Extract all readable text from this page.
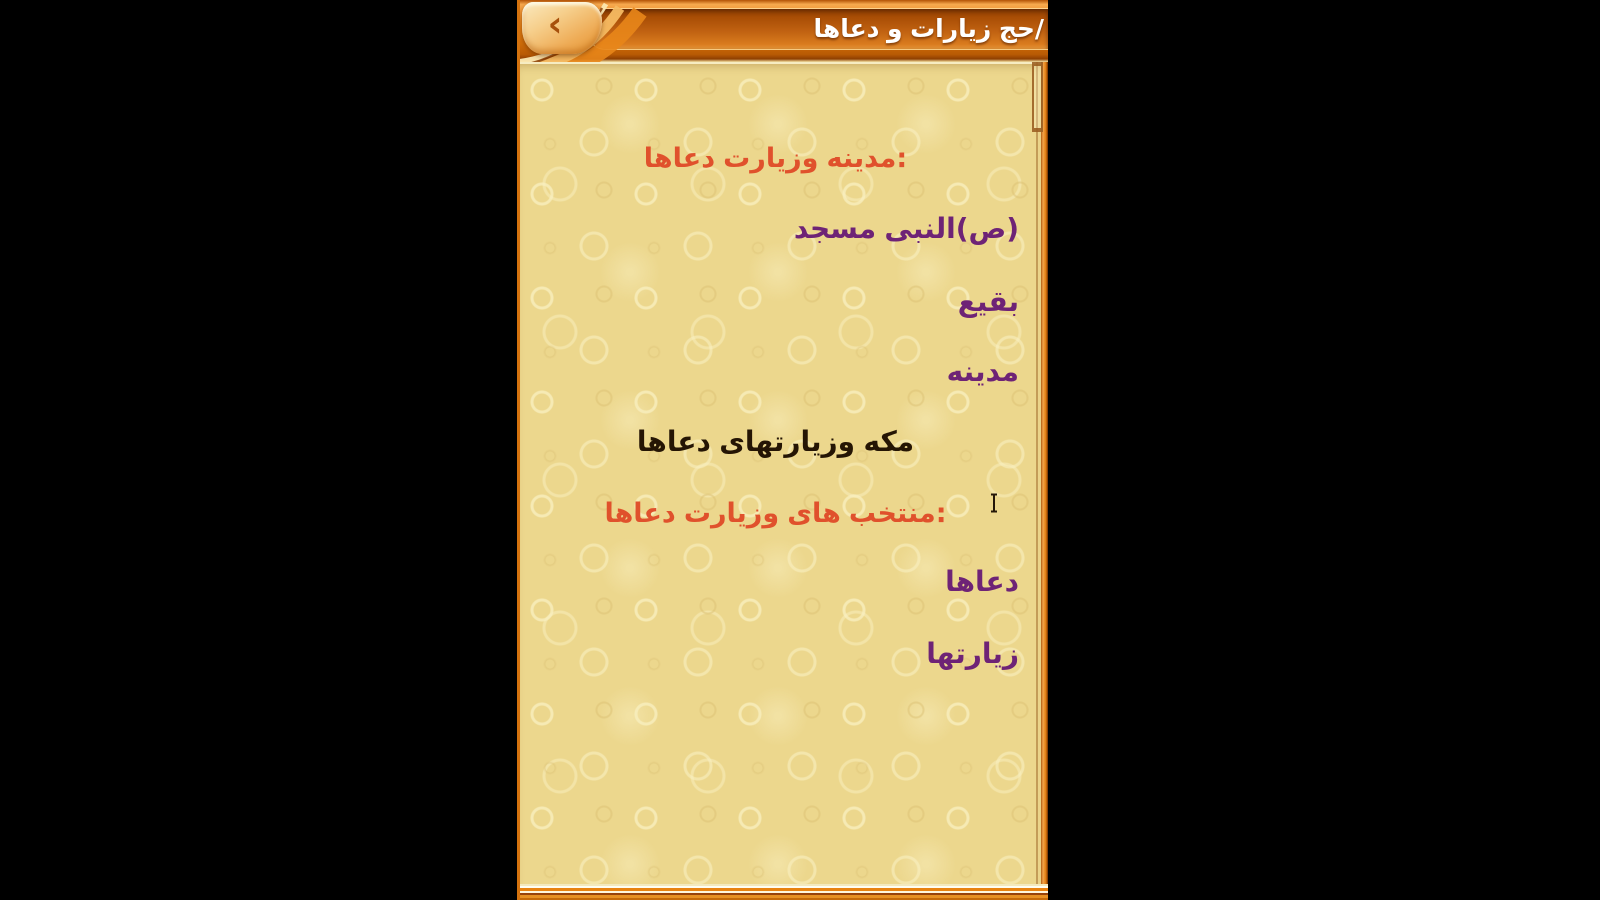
دعاها و زیارات حج /
‹
دعاها وزیارت مدینه :
مسجد النبی ( ص )
بقیع
مدینه
دعاها وزیارتهای مکه
دعاها وزیارت های منتخب :
دعاها
زیارتها
